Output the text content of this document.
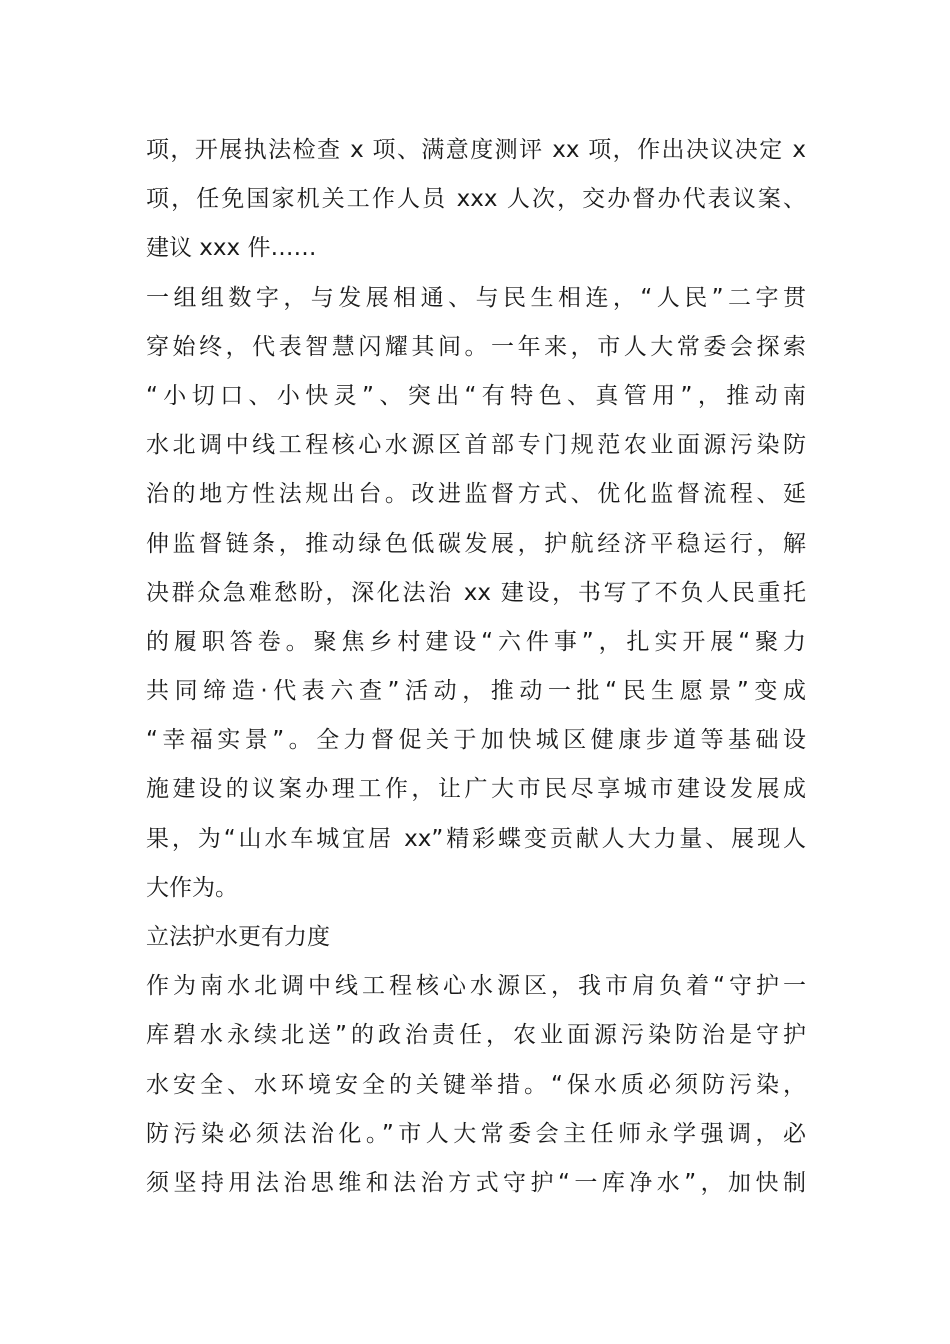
项，开展执法检查 x 项、满意度测评 xx 项，作出决议决定 x
项，任免国家机关工作人员 xxx 人次，交办督办代表议案、
建议 xxx 件……
一组组数字，与发展相通、与民生相连，“人民”二字贯
穿始终，代表智慧闪耀其间。一年来，市人大常委会探索
“小切口、小快灵”、突出“有特色、真管用”，推动南
水北调中线工程核心水源区首部专门规范农业面源污染防
治的地方性法规出台。改进监督方式、优化监督流程、延
伸监督链条，推动绿色低碳发展，护航经济平稳运行，解
决群众急难愁盼，深化法治 xx 建设，书写了不负人民重托
的履职答卷。聚焦乡村建设“六件事”，扎实开展“聚力
共同缔造·代表六查”活动，推动一批“民生愿景”变成
“幸福实景”。全力督促关于加快城区健康步道等基础设
施建设的议案办理工作，让广大市民尽享城市建设发展成
果，为“山水车城宜居 xx”精彩蝶变贡献人大力量、展现人
大作为。
立法护水更有力度
作为南水北调中线工程核心水源区，我市肩负着“守护一
库碧水永续北送”的政治责任，农业面源污染防治是守护
水安全、水环境安全的关键举措。“保水质必须防污染，
防污染必须法治化。”市人大常委会主任师永学强调，必
须坚持用法治思维和法治方式守护“一库净水”，加快制
